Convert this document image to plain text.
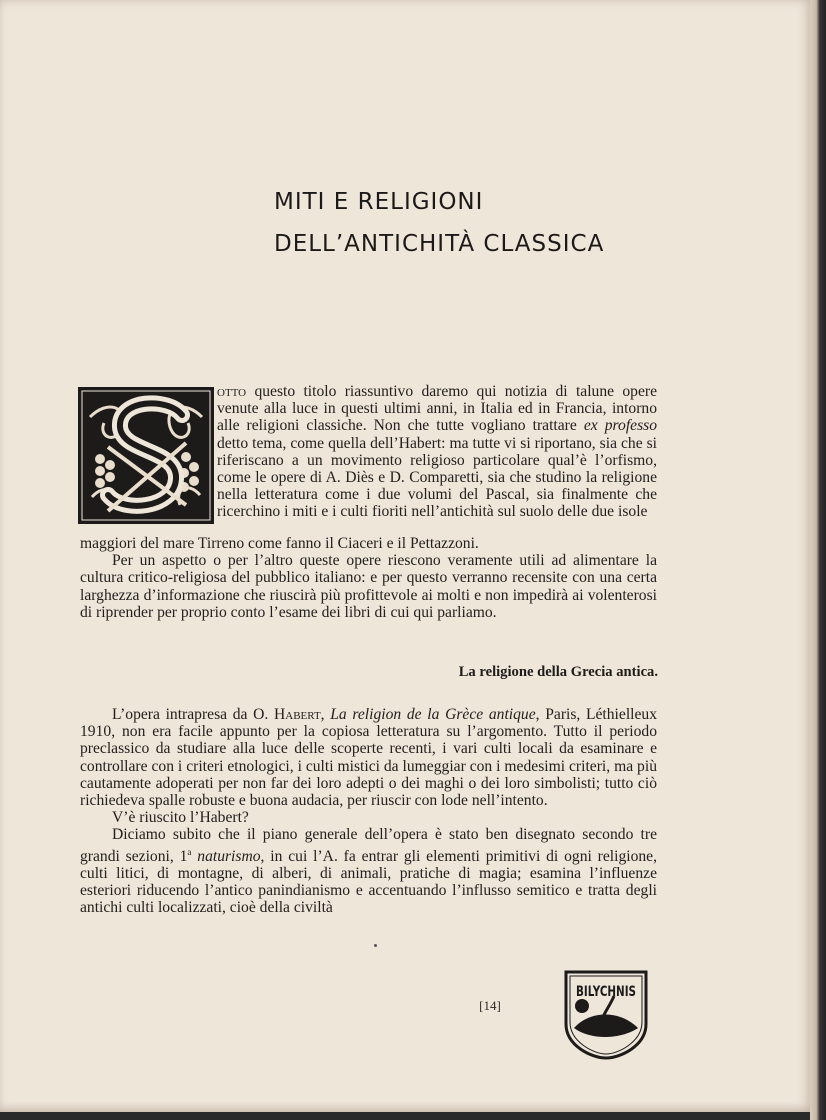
MITI E RELIGIONI
DELL’ANTICHITÀ CLASSICA
otto questo titolo riassuntivo daremo qui notizia di talune opere venute alla luce in questi ultimi anni, in Italia ed in Francia, intorno alle religioni classiche. Non che tutte vogliano trattare ex professo detto tema, come quella dell’Habert: ma tutte vi si riportano, sia che si riferiscano a un movimento religioso particolare qual’è l’orfismo, come le opere di A. Diès e D. Comparetti, sia che studino la religione nella letteratura come i due volumi del Pascal, sia finalmente che ricerchino i miti e i culti fioriti nell’antichità sul suolo delle due isole
maggiori del mare Tirreno come fanno il Ciaceri e il Pettazzoni.
Per un aspetto o per l’altro queste opere riescono veramente utili ad alimentare la cultura critico-religiosa del pubblico italiano: e per questo verranno recensite con una certa larghezza d’informazione che riuscirà più profittevole ai molti e non impedirà ai volenterosi di riprender per proprio conto l’esame dei libri di cui qui parliamo.
La religione della Grecia antica.
L’opera intrapresa da O. Habert, La religion de la Grèce antique, Paris, Léthielleux 1910, non era facile appunto per la copiosa letteratura su l’argomento. Tutto il periodo preclassico da studiare alla luce delle scoperte recenti, i vari culti locali da esaminare e controllare con i criteri etnologici, i culti mistici da lumeggiar con i medesimi criteri, ma più cautamente adoperati per non far dei loro adepti o dei maghi o dei loro simbolisti; tutto ciò richiedeva spalle robuste e buona audacia, per riuscir con lode nell’intento.
V’è riuscito l’Habert?
Diciamo subito che il piano generale dell’opera è stato ben disegnato secondo tre grandi sezioni, 1$^a$ naturismo, in cui l’A. fa entrar gli elementi primitivi di ogni religione, culti litici, di montagne, di alberi, di animali, pratiche di magia; esamina l’influenze esteriori riducendo l’antico panindianismo e accentuando l’influsso semitico e tratta degli antichi culti localizzati, cioè della civiltà
[14]
BILYCHNIS
